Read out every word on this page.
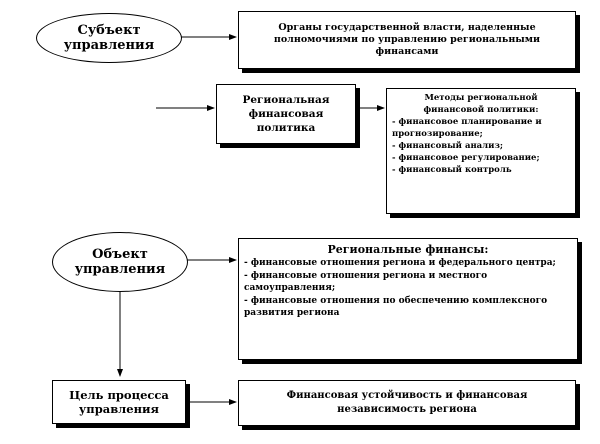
Субъект
управления
Органы государственной власти, наделенные полномочиями по управлению региональными финансами
Региональная
финансовая
политика
Методы региональной
финансовой политики:
- финансовое планирование и прогнозирование;
- финансовый анализ;
- финансовое регулирование;
- финансовый контроль
Объект
управления
Региональные финансы:
- финансовые отношения региона и федерального центра;
- финансовые отношения региона и местного самоуправления;
- финансовые отношения по обеспечению комплексного развития региона
Цель процесса
управления
Финансовая устойчивость и финансовая
независимость региона
